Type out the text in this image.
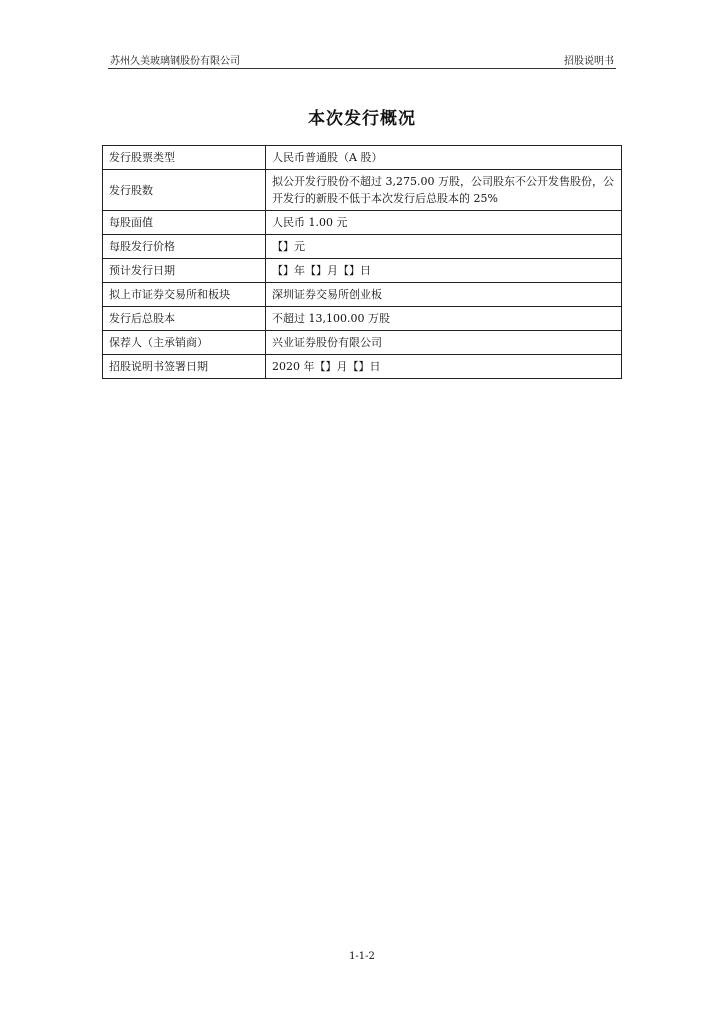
苏州久美玻璃钢股份有限公司	招股说明书
本次发行概况
发行股票类型	人民币普通股（A 股）
发行股数	拟公开发行股份不超过 3,275.00 万股，公司股东不公开发售股份，公开发行的新股不低于本次发行后总股本的 25%
每股面值	人民币 1.00 元
每股发行价格	【】元
预计发行日期	【】年【】月【】日
拟上市证券交易所和板块	深圳证券交易所创业板
发行后总股本	不超过 13,100.00 万股
保荐人（主承销商）	兴业证券股份有限公司
招股说明书签署日期	2020 年【】月【】日
1-1-2
